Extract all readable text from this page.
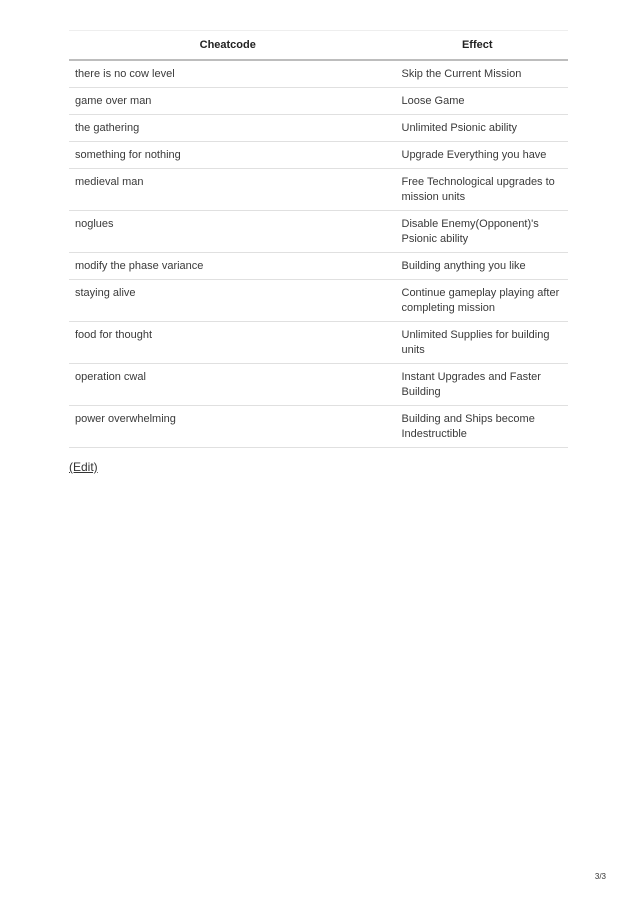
Cheatcode	Effect
there is no cow level	Skip the Current Mission
game over man	Loose Game
the gathering	Unlimited Psionic ability
something for nothing	Upgrade Everything you have
medieval man	Free Technological upgrades to mission units
noglues	Disable Enemy(Opponent)'s Psionic ability
modify the phase variance	Building anything you like
staying alive	Continue gameplay playing after completing mission
food for thought	Unlimited Supplies for building units
operation cwal	Instant Upgrades and Faster Building
power overwhelming	Building and Ships become Indestructible
(Edit)
3/3
